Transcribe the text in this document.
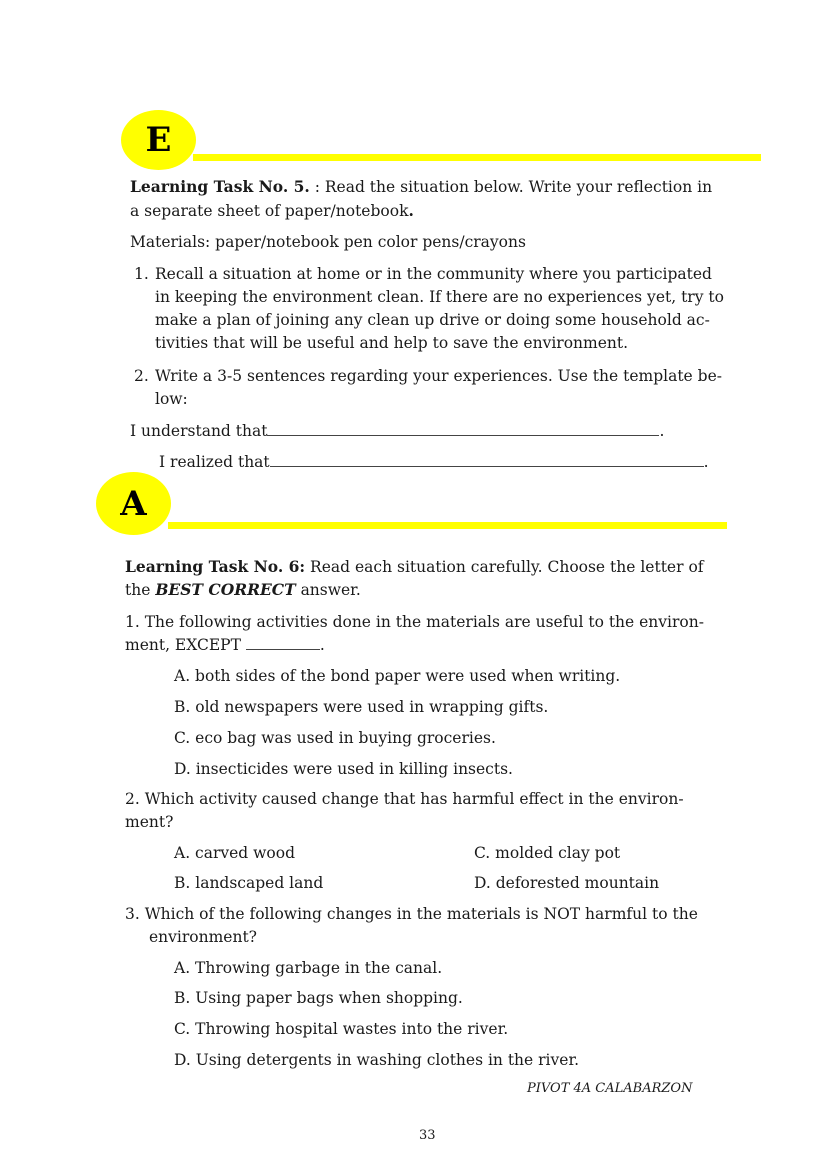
E
Learning Task No. 5. : Read the situation below. Write your reflection in
a separate sheet of paper/notebook.
Materials: paper/notebook pen color pens/crayons
1. Recall a situation at home or in the community where you participated
in keeping the environment clean. If there are no experiences yet, try to
make a plan of joining any clean up drive or doing some household ac-
tivities that will be useful and help to save the environment.
2. Write a 3-5 sentences regarding your experiences. Use the template be-
low:
I understand that	.
I realized that	.
A
Learning Task No. 6: Read each situation carefully. Choose the letter of
the BEST CORRECT answer.
1. The following activities done in the materials are useful to the environ-
ment, EXCEPT	.
A. both sides of the bond paper were used when writing.
B. old newspapers were used in wrapping gifts.
C. eco bag was used in buying groceries.
D. insecticides were used in killing insects.
2. Which activity caused change that has harmful effect in the environ-
ment?
A. carved wood	C. molded clay pot
B. landscaped land	D. deforested mountain
3. Which of the following changes in the materials is NOT harmful to the
environment?
A. Throwing garbage in the canal.
B. Using paper bags when shopping.
C. Throwing hospital wastes into the river.
D. Using detergents in washing clothes in the river.
PIVOT 4A CALABARZON
33
